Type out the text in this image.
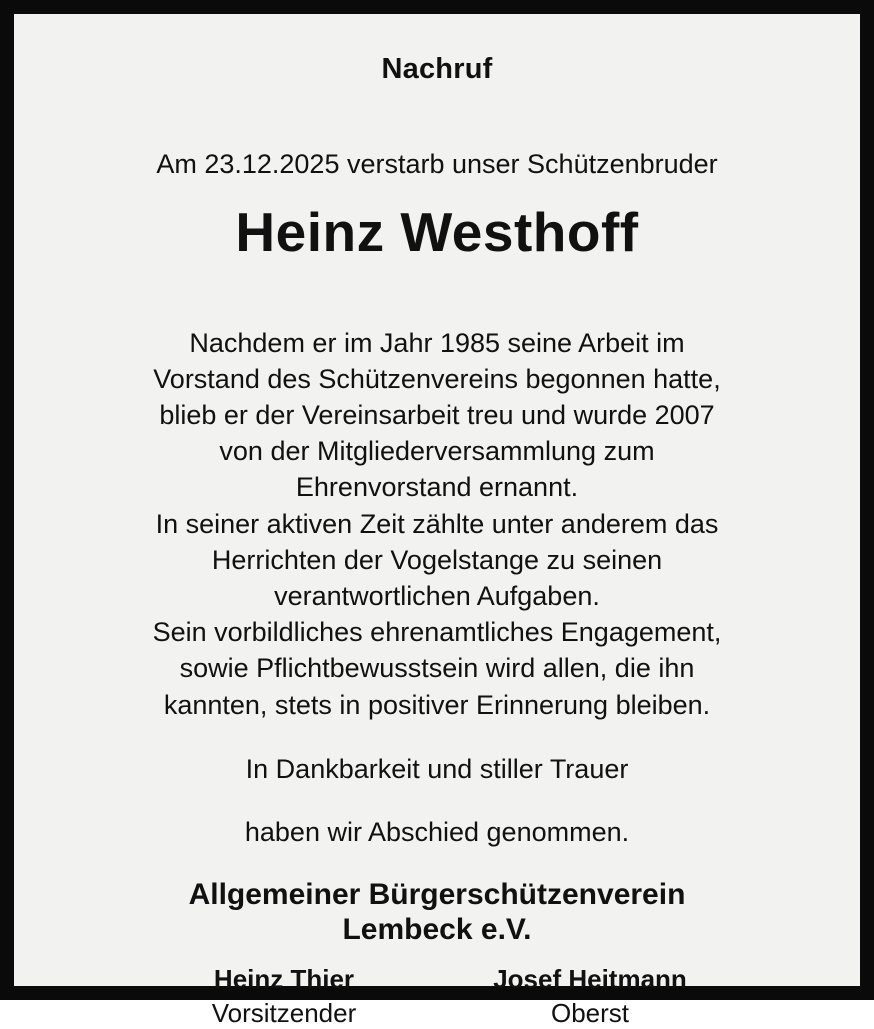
Nachruf
Am 23.12.2025 verstarb unser Schützenbruder
Heinz Westhoff

Nachdem er im Jahr 1985 seine Arbeit im

Vorstand des Schützenvereins begonnen hatte,

blieb er der Vereinsarbeit treu und wurde 2007

von der Mitgliederversammlung zum

Ehrenvorstand ernannt.

In seiner aktiven Zeit zählte unter anderem das

Herrichten der Vogelstange zu seinen

verantwortlichen Aufgaben.

Sein vorbildliches ehrenamtliches Engagement,

sowie Pflichtbewusstsein wird allen, die ihn

kannten, stets in positiver Erinnerung bleiben.

In Dankbarkeit und stiller Trauer

haben wir Abschied genommen.

Allgemeiner Bürgerschützenverein
Lembeck e.V.
Heinz Thier
Vorsitzender
Josef Heitmann
Oberst
